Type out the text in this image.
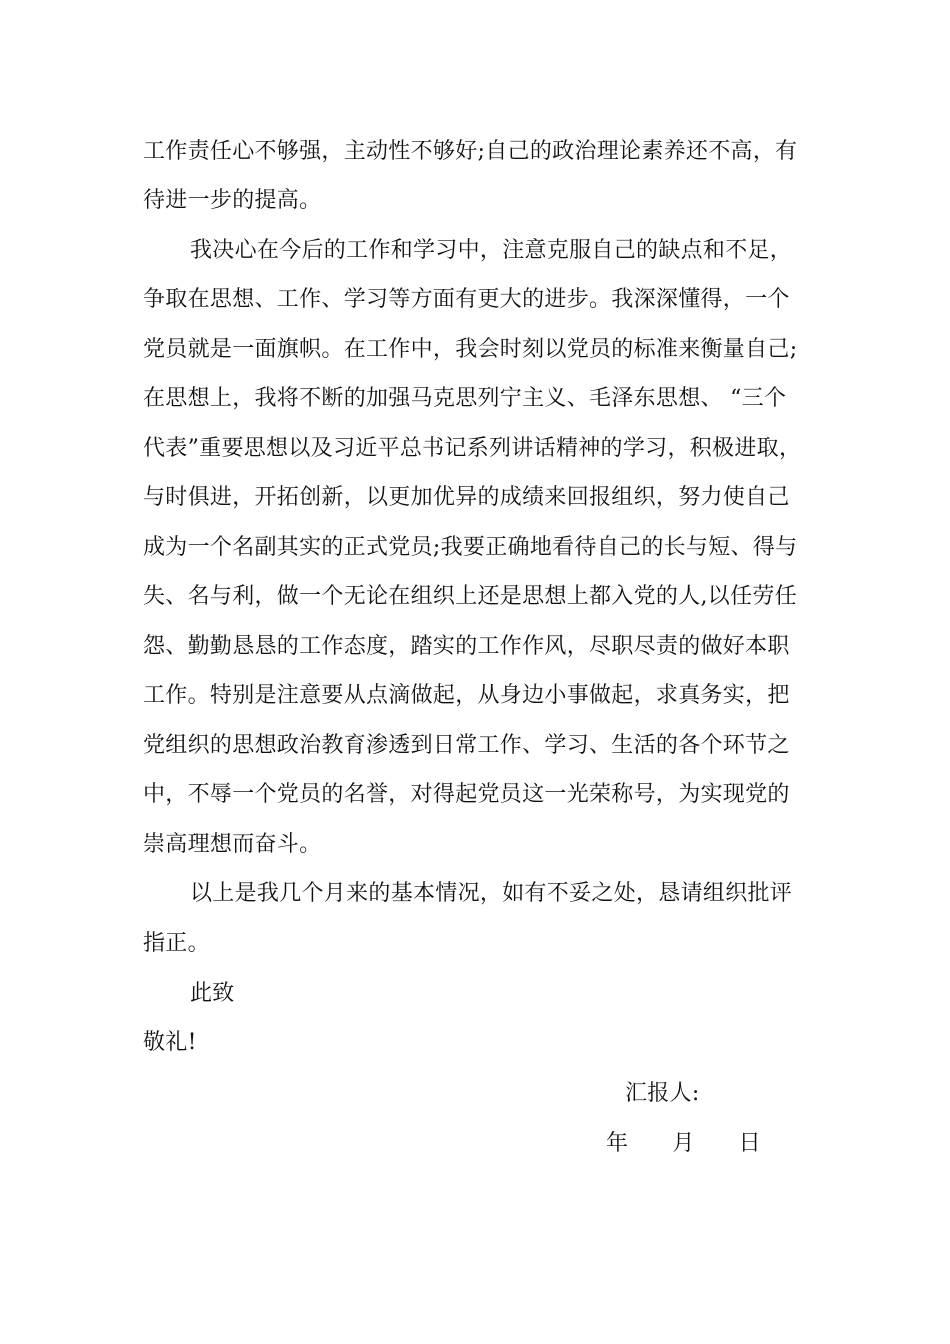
工作责任心不够强，主动性不够好;自己的政治理论素养还不高，有
待进一步的提高。
我决心在今后的工作和学习中，注意克服自己的缺点和不足，
争取在思想、工作、学习等方面有更大的进步。我深深懂得，一个
党员就是一面旗帜。在工作中，我会时刻以党员的标准来衡量自己;
在思想上，我将不断的加强马克思列宁主义、毛泽东思想、 “三个
代表”重要思想以及习近平总书记系列讲话精神的学习，积极进取，
与时俱进，开拓创新，以更加优异的成绩来回报组织，努力使自己
成为一个名副其实的正式党员;我要正确地看待自己的长与短、得与
失、名与利，做一个无论在组织上还是思想上都入党的人,以任劳任
怨、勤勤恳恳的工作态度，踏实的工作作风，尽职尽责的做好本职
工作。特别是注意要从点滴做起，从身边小事做起，求真务实，把
党组织的思想政治教育渗透到日常工作、学习、生活的各个环节之
中，不辱一个党员的名誉，对得起党员这一光荣称号，为实现党的
崇高理想而奋斗。
以上是我几个月来的基本情况，如有不妥之处，恳请组织批评
指正。
此致
敬礼!
汇报人:
年 月 日
